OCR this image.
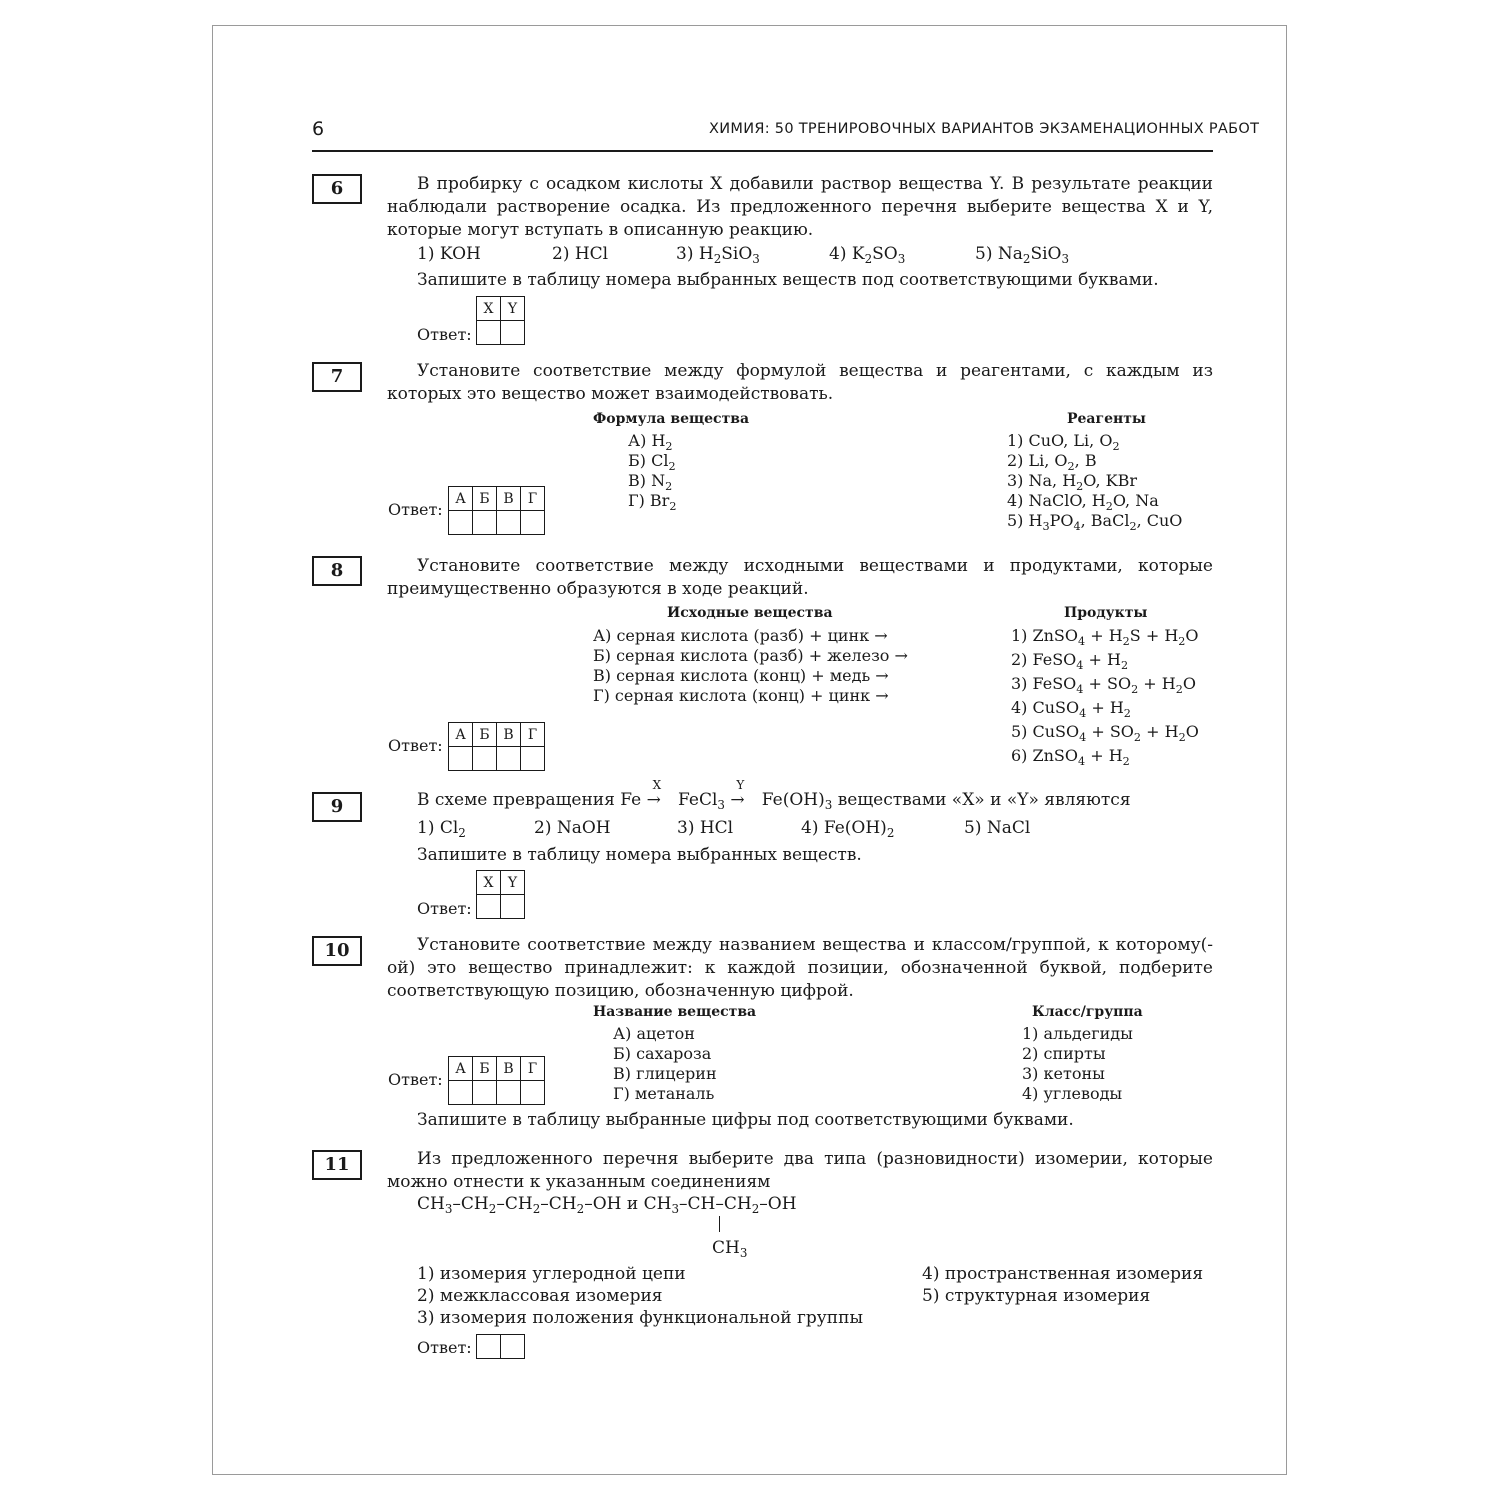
6	ХИМИЯ: 50 ТРЕНИРОВОЧНЫХ ВАРИАНТОВ ЭКЗАМЕНАЦИОННЫХ РАБОТ
6	В пробирку с осадком кислоты X добавили раствор вещества Y. В результате реакции наблюдали растворение осадка. Из предложенного перечня выберите вещества X и Y, которые могут вступать в описанную реакцию.
1) KOH	2) HCl	3) $H_2SiO_3$	4) $K_2SO_3$	5) $Na_2SiO_3$
Запишите в таблицу номера выбранных веществ под соответствующими буквами.
Ответ:
X	Y

7	Установите соответствие между формулой вещества и реагентами, с каждым из которых это вещество может взаимодействовать.
Формула вещества	Реагенты
А) $H_2$
Б) $Cl_2$
В) $N_2$
Г) $Br_2$
1) CuO, Li, $O_2$
2) Li, $O_2$, B
3) Na, $H_2O$, KBr
4) NaClO, $H_2O$, Na
5) $H_3PO_4$, BaCl$_2$, CuO
Ответ:
А	Б	В	Г

8	Установите соответствие между исходными веществами и продуктами, которые преимущественно образуются в ходе реакций.
Исходные вещества	Продукты
А) серная кислота (разб) + цинк →
Б) серная кислота (разб) + железо →
В) серная кислота (конц) + медь →
Г) серная кислота (конц) + цинк →
1) ZnSO$_4$ + $H_2S + H_2O$
2) FeSO$_4$ + $H_2$
3) FeSO$_4$ + $SO_2 + H_2O$
4) CuSO$_4$ + $H_2$
5) CuSO$_4$ + $SO_2 + H_2O$
6) ZnSO$_4$ + $H_2$
Ответ:
А	Б	В	Г

9	В схеме превращения Fe
X
→ FeCl$_3$
Y
→ $Fe(OH)_3$ веществами «X» и «Y» являются
1) $Cl_2$	2) NaOH	3) HCl	4) $Fe(OH)_2$	5) NaCl
Запишите в таблицу номера выбранных веществ.
Ответ:
X	Y

10	Установите соответствие между названием вещества и классом/группой, к которому(-ой) это вещество принадлежит: к каждой позиции, обозначенной буквой, подберите соответствующую позицию, обозначенную цифрой.
Название вещества	Класс/группа
А) ацетон
Б) сахароза
В) глицерин
Г) метаналь
1) альдегиды
2) спирты
3) кетоны
4) углеводы
Ответ:
А	Б	В	Г

Запишите в таблицу выбранные цифры под соответствующими буквами.
11	Из предложенного перечня выберите два типа (разновидности) изомерии, которые можно отнести к указанным соединениям
$CH_3-CH_2-CH_2-CH_2-OH$ и $CH_3-CH-CH_2-OH$
$CH_3$
1) изомерия углеродной цепи
2) межклассовая изомерия
3) изомерия положения функциональной группы
4) пространственная изомерия
5) структурная изомерия
Ответ:
